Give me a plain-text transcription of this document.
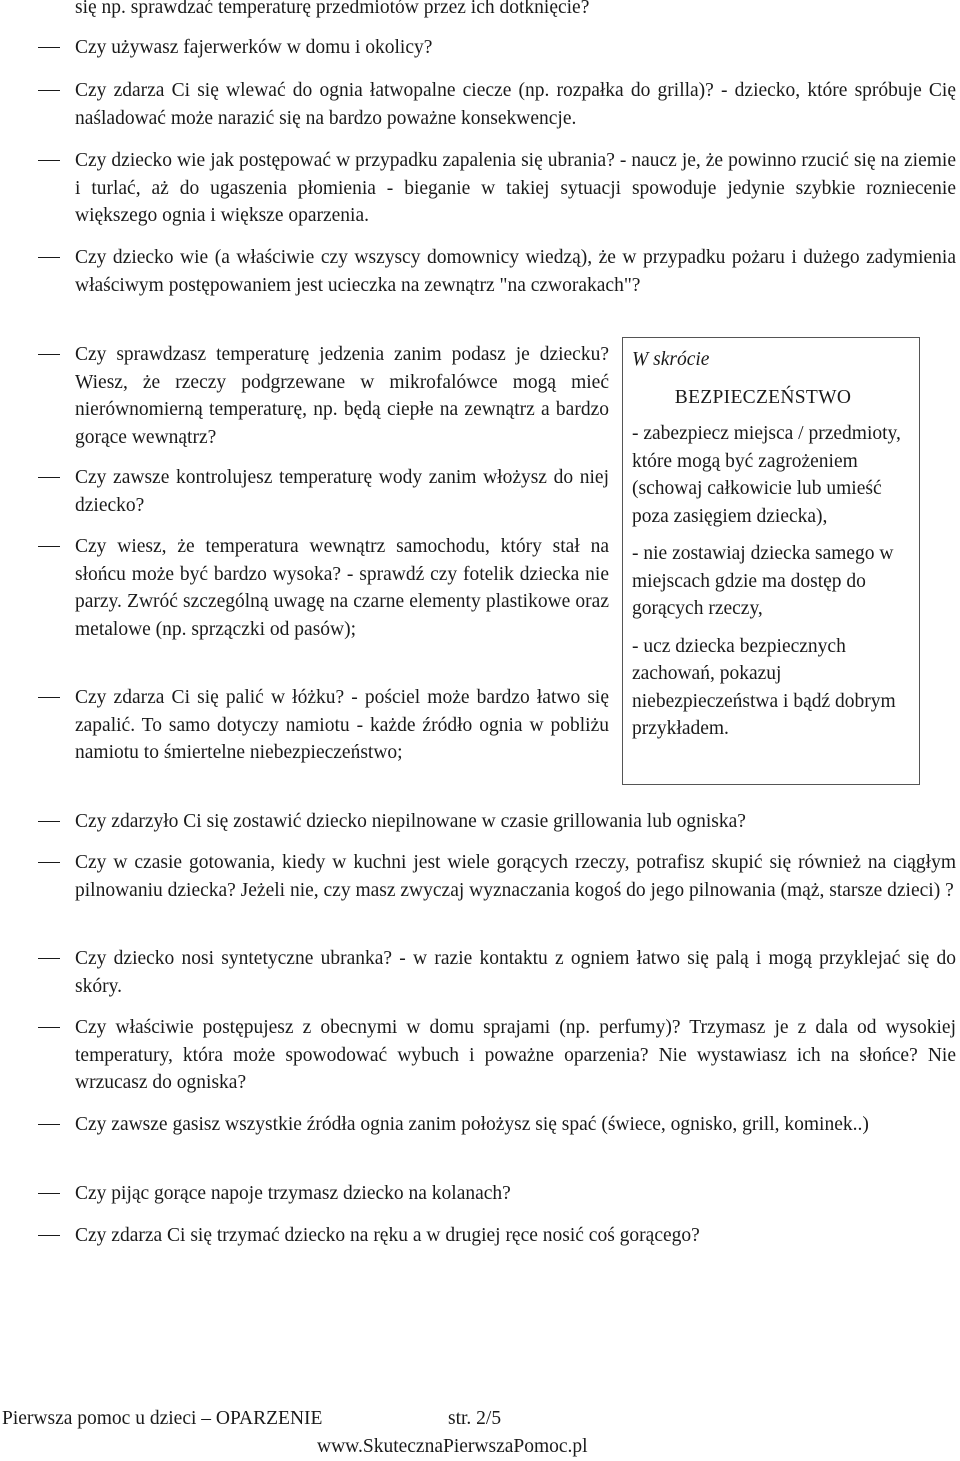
się np. sprawdzać temperaturę przedmiotów przez ich dotknięcie?
Czy używasz fajerwerków w domu i okolicy?
Czy zdarza Ci się wlewać do ognia łatwopalne ciecze (np. rozpałka do grilla)? - dziecko, które spróbuje Cię naśladować może narazić się na bardzo poważne konsekwencje.
Czy dziecko wie jak postępować w przypadku zapalenia się ubrania? - naucz je, że powinno rzucić się na ziemie i turlać, aż do ugaszenia płomienia - bieganie w takiej sytuacji spowoduje jedynie szybkie rozniecenie większego ognia i większe oparzenia.
Czy dziecko wie (a właściwie czy wszyscy domownicy wiedzą), że w przypadku pożaru i dużego zadymienia właściwym postępowaniem jest ucieczka na zewnątrz "na czworakach"?
Czy sprawdzasz temperaturę jedzenia zanim podasz je dziecku? Wiesz, że rzeczy podgrzewane w mikrofalówce mogą mieć nierównomierną temperaturę, np. będą ciepłe na zewnątrz a bardzo gorące wewnątrz?
Czy zawsze kontrolujesz temperaturę wody zanim włożysz do niej dziecko?
Czy wiesz, że temperatura wewnątrz samochodu, który stał na słońcu może być bardzo wysoka? - sprawdź czy fotelik dziecka nie parzy. Zwróć szczególną uwagę na czarne elementy plastikowe oraz metalowe (np. sprzączki od pasów);
Czy zdarza Ci się palić w łóżku? - pościel może bardzo łatwo się zapalić. To samo dotyczy namiotu - każde źródło ognia w pobliżu namiotu to śmiertelne niebezpieczeństwo;
Czy zdarzyło Ci się zostawić dziecko niepilnowane w czasie grillowania lub ogniska?
Czy w czasie gotowania, kiedy w kuchni jest wiele gorących rzeczy, potrafisz skupić się również na ciągłym pilnowaniu dziecka? Jeżeli nie, czy masz zwyczaj wyznaczania kogoś do jego pilnowania (mąż, starsze dzieci) ?
Czy dziecko nosi syntetyczne ubranka? - w razie kontaktu z ogniem łatwo się palą i mogą przyklejać się do skóry.
Czy właściwie postępujesz z obecnymi w domu sprajami (np. perfumy)? Trzymasz je z dala od wysokiej temperatury, która może spowodować wybuch i poważne oparzenia? Nie wystawiasz ich na słońce? Nie wrzucasz do ogniska?
Czy zawsze gasisz wszystkie źródła ognia zanim położysz się spać (świece, ognisko, grill, kominek..)
Czy pijąc gorące napoje trzymasz dziecko na kolanach?
Czy zdarza Ci się trzymać dziecko na ręku a w drugiej ręce nosić coś gorącego?
W skrócie
BEZPIECZEŃSTWO
- zabezpiecz miejsca / przedmioty, które mogą być zagrożeniem (schowaj całkowicie lub umieść poza zasięgiem dziecka),
- nie zostawiaj dziecka samego w miejscach gdzie ma dostęp do gorących rzeczy,
- ucz dziecka bezpiecznych zachowań, pokazuj niebezpieczeństwa i bądź dobrym przykładem.
Pierwsza pomoc u dzieci – OPARZENIE	str. 2/5
www.SkutecznaPierwszaPomoc.pl
